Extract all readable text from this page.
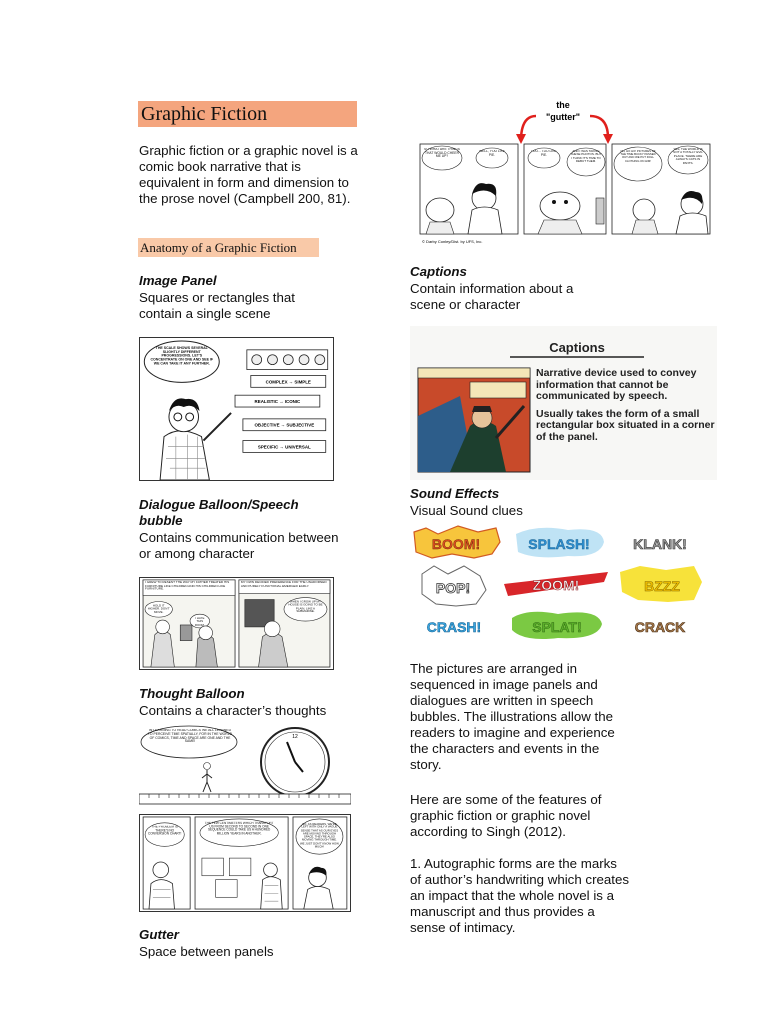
Graphic Fiction
Graphic fiction or a graphic novel is a comic book narrative that is equivalent in form and dimension to the prose novel (Campbell 200, 81).
Anatomy of a Graphic Fiction
Image Panel
Squares or rectangles that contain a single scene
THE SCALE SHOWS SEVERAL SLIGHTLY DIFFERENT PROGRESSIONS. LET'S CONCENTRATE ON ONE AND SEE IF WE CAN TAKE IT ANY FURTHER.
COMPLEX → SIMPLE
REALISTIC → ICONIC
OBJECTIVE → SUBJECTIVE
SPECIFIC → UNIVERSAL
Dialogue Balloon/Speech bubble
Contains communication between or among character
I GREW TO RESENT THE WAY MY FATHER TREATED HIS FURNITURE LIKE CHILDREN AND HIS CHILDREN LIKE FURNITURE.
HOLD IT HIGHER. DON'T MOVE.
I HATE THIS ROOM.
MY OWN DECIDED PREFERENCE FOR THE UNADORNED AND PURELY FUNCTIONAL EMERGED EARLY.
WHEN I GROW UP MY HOUSE IS GOING TO BE PLAIN, LIKE A SUBMARINE.
Thought Balloon
Contains a character’s thoughts
IN LEARNING TO READ COMICS WE ALL LEARNED TO PERCEIVE TIME SPATIALLY, FOR IN THE WORLD OF COMICS, TIME AND SPACE ARE ONE AND THE SAME!
12
THE PROBLEM IS THERE'S NO CONVERSION CHART!
THE FEW CENTIMETERS WHICH TRANSPORT US FROM SECOND TO SECOND IN ONE SEQUENCE COULD TAKE US A HUNDRED MILLION YEARS IN ANOTHER.
SO, AS READERS, WE'RE LEFT WITH ONLY A VAGUE SENSE THAT AS OUR EYES ARE MOVING THROUGH SPACE, THEY'RE ALSO MOVING THROUGH TIME. WE JUST DON'T KNOW HOW MUCH!
Gutter
Space between panels
the
"gutter"
SO WHAT ARE THINGS THAT WOULD CHEER ME UP?
WELL, YOU LIKE PIE.
I DO... I DO LIKE PIE.
AND I WAS TAKING THESE PHOTOS. BUT I THINK IT'S TIME TO DEBUT THEM.
OH, HO HO! PICTURES OF THE TIME BUCKY PASSED OUT AND WE PUT DOLL CLOTHING ON HIM!
YES, THE WORLD IS NOT A TOTALLY EVIL PLACE. THERE ARE ALWAYS CATS IN PANTS.
© Darby Conley/Dist. by UFS, Inc.
Captions
Contain information about a scene or character
Captions
Narrative device used to convey information that cannot be communicated by speech.
Usually takes the form of a small rectangular box situated in a corner of the panel.
Sound Effects
Visual Sound clues
BOOM!	SPLASH!	KLANK!
POP!	ZOOM!	BZZZ
CRASH!	SPLAT!	CRACK
The pictures are arranged in sequenced in image panels and dialogues are written in speech bubbles. The illustrations allow the readers to imagine and experience the characters and events in the story.
Here are some of the features of graphic fiction or graphic novel according to Singh (2012).
1. Autographic forms are the marks of author’s handwriting which creates an impact that the whole novel is a manuscript and thus provides a sense of intimacy.
